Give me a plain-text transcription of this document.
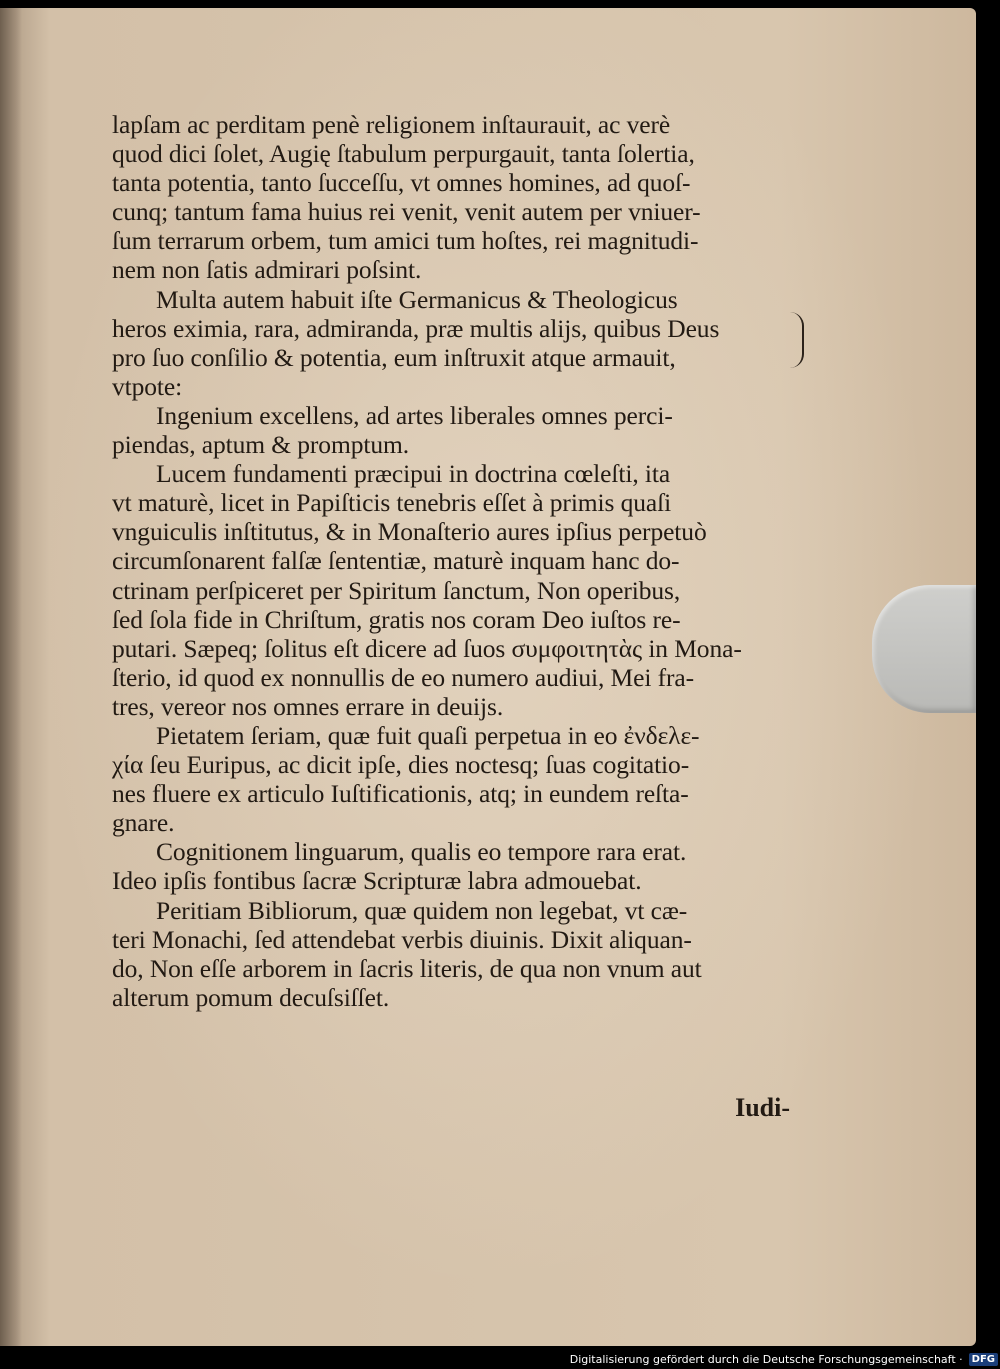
lapſam ac perditam penè religionem inſtaurauit, ac verè
quod dici ſolet, Augię ſtabulum perpurgauit, tanta ſolertia,
tanta potentia, tanto ſucceſſu, vt omnes homines, ad quoſ-
cunq; tantum fama huius rei venit, venit autem per vniuer-
ſum terrarum orbem, tum amici tum hoſtes, rei magnitudi-
nem non ſatis admirari poſsint.
Multa autem habuit iſte Germanicus & Theologicus
heros eximia, rara, admiranda, præ multis alijs, quibus Deus
pro ſuo conſilio & potentia, eum inſtruxit atque armauit,
vtpote:
Ingenium excellens, ad artes liberales omnes perci-
piendas, aptum & promptum.
Lucem fundamenti præcipui in doctrina cœleſti, ita
vt maturè, licet in Papiſticis tenebris eſſet à primis quaſi
vnguiculis inſtitutus, & in Monaſterio aures ipſius perpetuò
circumſonarent falſæ ſententiæ, maturè inquam hanc do-
ctrinam perſpiceret per Spiritum ſanctum, Non operibus,
ſed ſola fide in Chriſtum, gratis nos coram Deo iuſtos re-
putari. Sæpeq; ſolitus eſt dicere ad ſuos συμφοιτητὰς in Mona-
ſterio, id quod ex nonnullis de eo numero audiui, Mei fra-
tres, vereor nos omnes errare in deuijs.
Pietatem ſeriam, quæ fuit quaſi perpetua in eo ἐνδελε-
χία ſeu Euripus, ac dicit ipſe, dies noctesq; ſuas cogitatio-
nes fluere ex articulo Iuſtificationis, atq; in eundem reſta-
gnare.
Cognitionem linguarum, qualis eo tempore rara erat.
Ideo ipſis fontibus ſacræ Scripturæ labra admouebat.
Peritiam Bibliorum, quæ quidem non legebat, vt cæ-
teri Monachi, ſed attendebat verbis diuinis. Dixit aliquan-
do, Non eſſe arborem in ſacris literis, de qua non vnum aut
alterum pomum decuſsiſſet.
Iudi-
Digitalisierung gefördert durch die Deutsche Forschungsgemeinschaft · DFG
